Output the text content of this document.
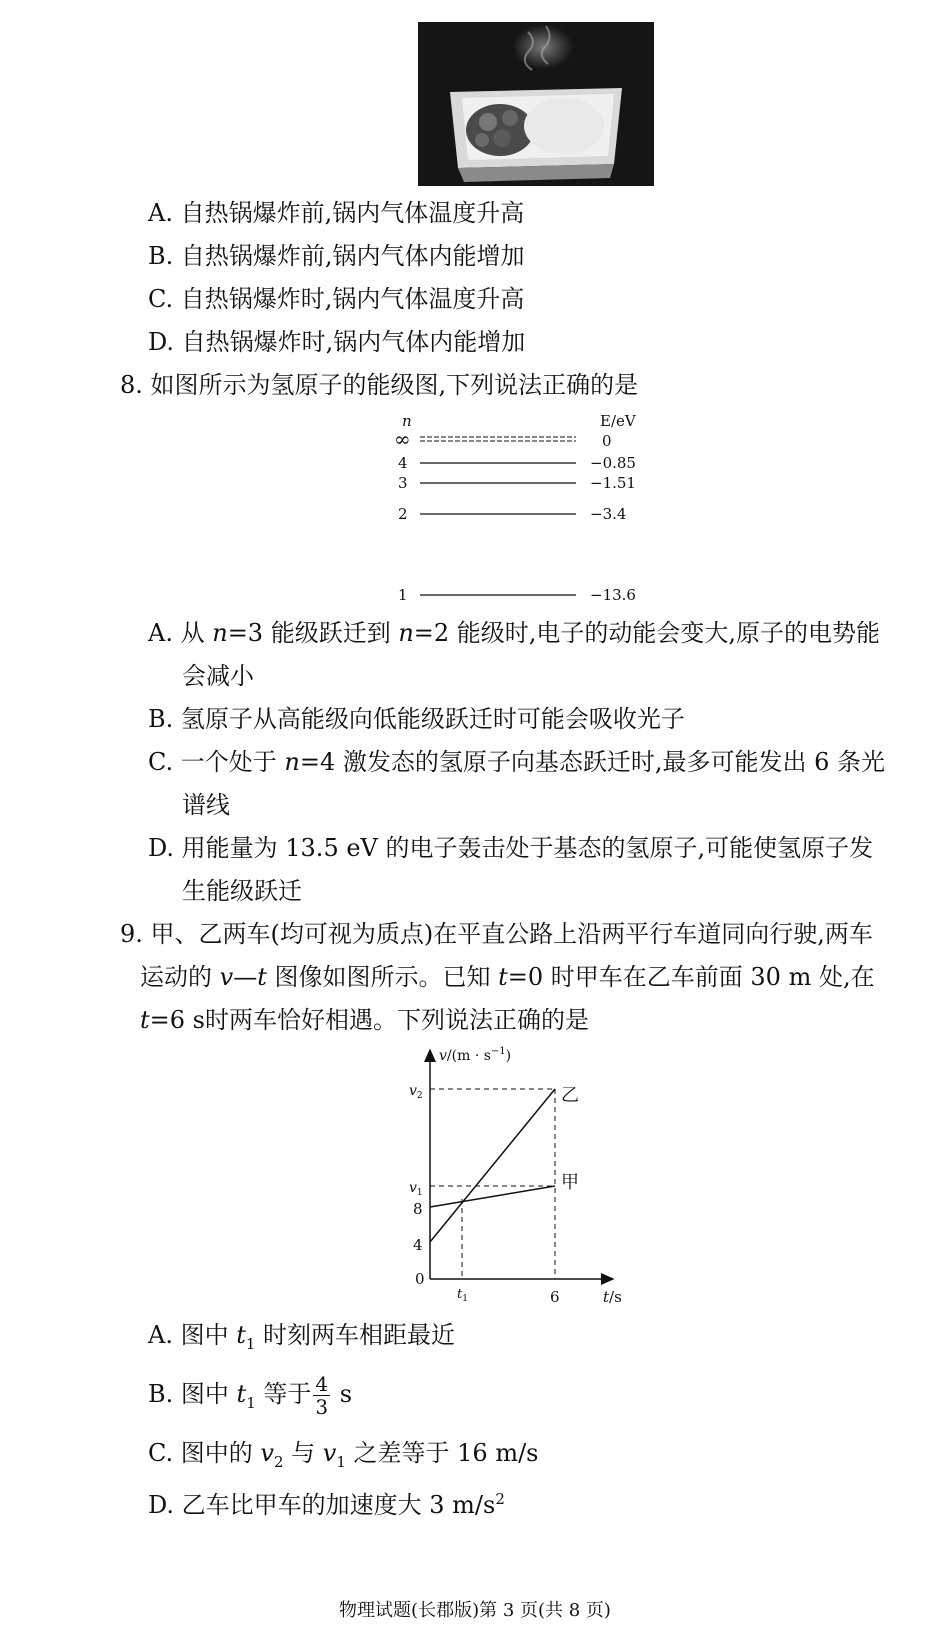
A. 自热锅爆炸前,锅内气体温度升高
B. 自热锅爆炸前,锅内气体内能增加
C. 自热锅爆炸时,锅内气体温度升高
D. 自热锅爆炸时,锅内气体内能增加
8. 如图所示为氢原子的能级图,下列说法正确的是
n	E/eV
∞	0
4	−0.85
3	−1.51
2	−3.4
1	−13.6
A. 从 n=3 能级跃迁到 n=2 能级时,电子的动能会变大,原子的电势能
会减小
B. 氢原子从高能级向低能级跃迁时可能会吸收光子
C. 一个处于 n=4 激发态的氢原子向基态跃迁时,最多可能发出 6 条光
谱线
D. 用能量为 13.5 eV 的电子轰击处于基态的氢原子,可能使氢原子发
生能级跃迁
9. 甲、乙两车(均可视为质点)在平直公路上沿两平行车道同向行驶,两车
运动的 v—t 图像如图所示。已知 t=0 时甲车在乙车前面 30 m 处,在
t=6 s时两车恰好相遇。下列说法正确的是
$v/(m \cdot s^{-1})$
t/s
$v_2$
$v_1$
8
4
0
$t_1$	6
乙
甲
A. 图中 $t_1$ 时刻两车相距最近
B. 图中 $t_1$ 等于 $\frac{4}{3}$ s
C. 图中的 $v_2$ 与 $v_1$ 之差等于 16 m/s
D. 乙车比甲车的加速度大 3 $m/s^2$
物理试题(长郡版)第 3 页(共 8 页)
